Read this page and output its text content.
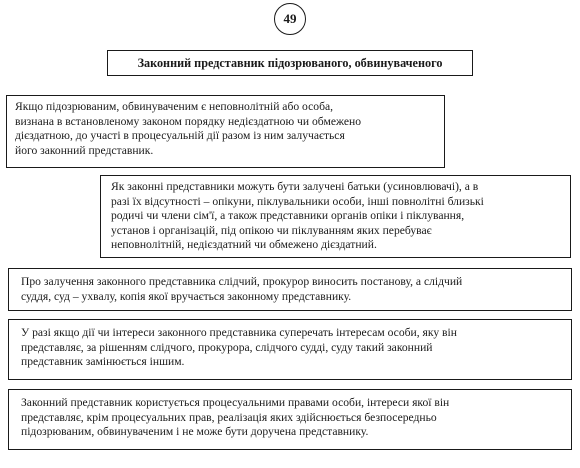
49
Законний представник підозрюваного, обвинуваченого
Якщо підозрюваним, обвинуваченим є неповнолітній або особа,
визнана в встановленому законом порядку недієздатною чи обмежено
дієздатною, до участі в процесуальній дії разом із ним залучається
його законний представник.
Як законні представники можуть бути залучені батьки (усиновлювачі), а в
разі їх відсутності – опікуни, піклувальники особи, інші повнолітні близькі
родичі чи члени сім'ї, а також представники органів опіки і піклування,
установ і організацій, під опікою чи піклуванням яких перебуває
неповнолітній, недієздатний чи обмежено дієздатний.
Про залучення законного представника слідчий, прокурор виносить постанову, а слідчий
суддя, суд – ухвалу, копія якої вручається законному представнику.
У разі якщо дії чи інтереси законного представника суперечать інтересам особи, яку він
представляє, за рішенням слідчого, прокурора, слідчого судді, суду такий законний
представник замінюється іншим.
Законний представник користується процесуальними правами особи, інтереси якої він
представляє, крім процесуальних прав, реалізація яких здійснюється безпосередньо
підозрюваним, обвинуваченим і не може бути доручена представнику.
